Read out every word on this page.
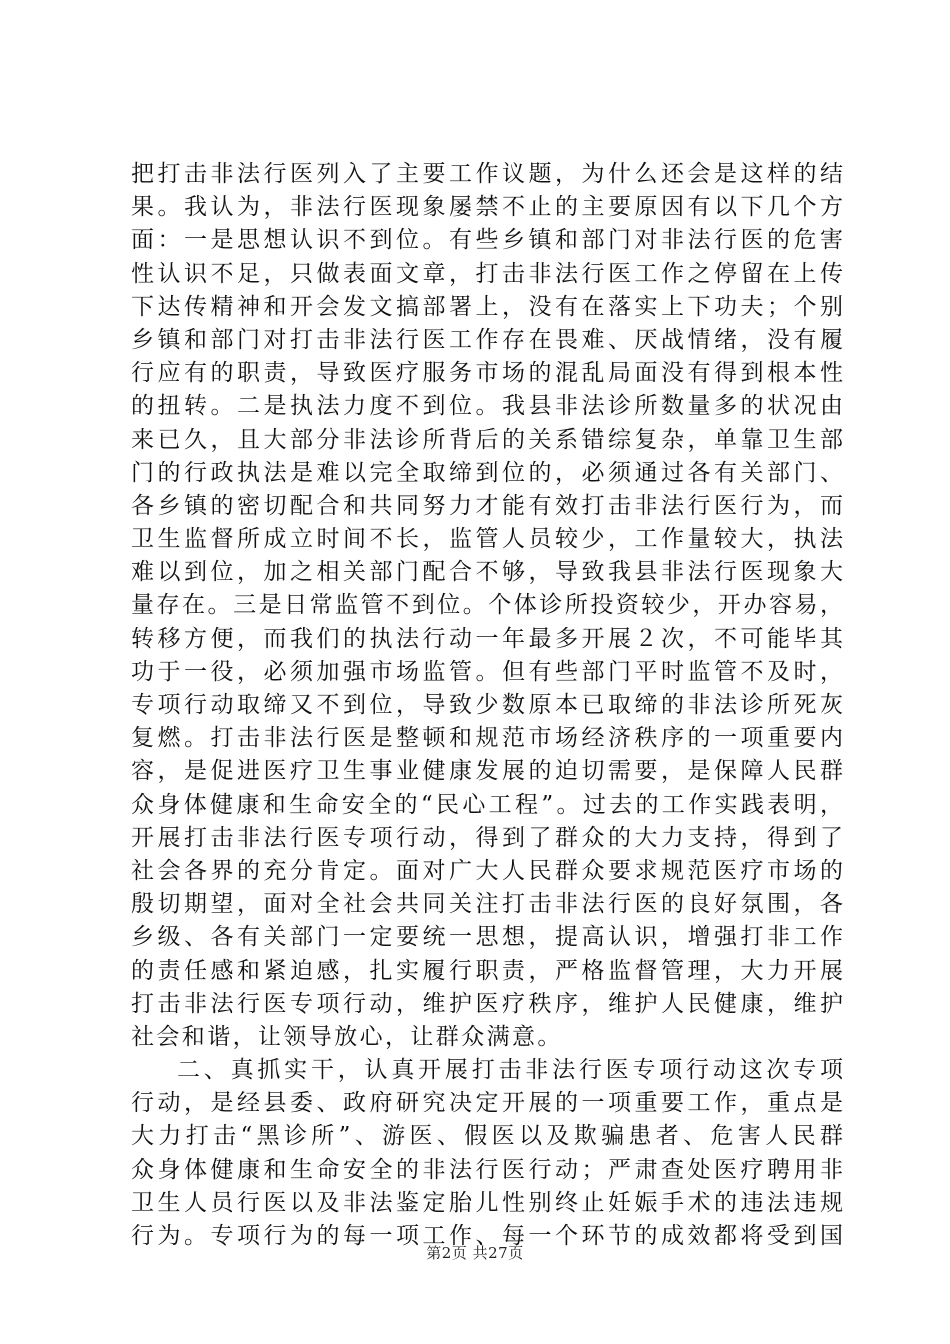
把打击非法行医列入了主要工作议题，为什么还会是这样的结
果。我认为，非法行医现象屡禁不止的主要原因有以下几个方
面：一是思想认识不到位。有些乡镇和部门对非法行医的危害
性认识不足，只做表面文章，打击非法行医工作之停留在上传
下达传精神和开会发文搞部署上，没有在落实上下功夫；个别
乡镇和部门对打击非法行医工作存在畏难、厌战情绪，没有履
行应有的职责，导致医疗服务市场的混乱局面没有得到根本性
的扭转。二是执法力度不到位。我县非法诊所数量多的状况由
来已久，且大部分非法诊所背后的关系错综复杂，单靠卫生部
门的行政执法是难以完全取缔到位的，必须通过各有关部门、
各乡镇的密切配合和共同努力才能有效打击非法行医行为，而
卫生监督所成立时间不长，监管人员较少，工作量较大，执法
难以到位，加之相关部门配合不够，导致我县非法行医现象大
量存在。三是日常监管不到位。个体诊所投资较少，开办容易，
转移方便，而我们的执法行动一年最多开展２次，不可能毕其
功于一役，必须加强市场监管。但有些部门平时监管不及时，
专项行动取缔又不到位，导致少数原本已取缔的非法诊所死灰
复燃。打击非法行医是整顿和规范市场经济秩序的一项重要内
容，是促进医疗卫生事业健康发展的迫切需要，是保障人民群
众身体健康和生命安全的“民心工程”。过去的工作实践表明，
开展打击非法行医专项行动，得到了群众的大力支持，得到了
社会各界的充分肯定。面对广大人民群众要求规范医疗市场的
殷切期望，面对全社会共同关注打击非法行医的良好氛围，各
乡级、各有关部门一定要统一思想，提高认识，增强打非工作
的责任感和紧迫感，扎实履行职责，严格监督管理，大力开展
打击非法行医专项行动，维护医疗秩序，维护人民健康，维护
社会和谐，让领导放心，让群众满意。
二、真抓实干，认真开展打击非法行医专项行动这次专项
行动，是经县委、政府研究决定开展的一项重要工作，重点是
大力打击“黑诊所”、游医、假医以及欺骗患者、危害人民群
众身体健康和生命安全的非法行医行动；严肃查处医疗聘用非
卫生人员行医以及非法鉴定胎儿性别终止妊娠手术的违法违规
行为。专项行为的每一项工作、每一个环节的成效都将受到国
第2页 共27页
